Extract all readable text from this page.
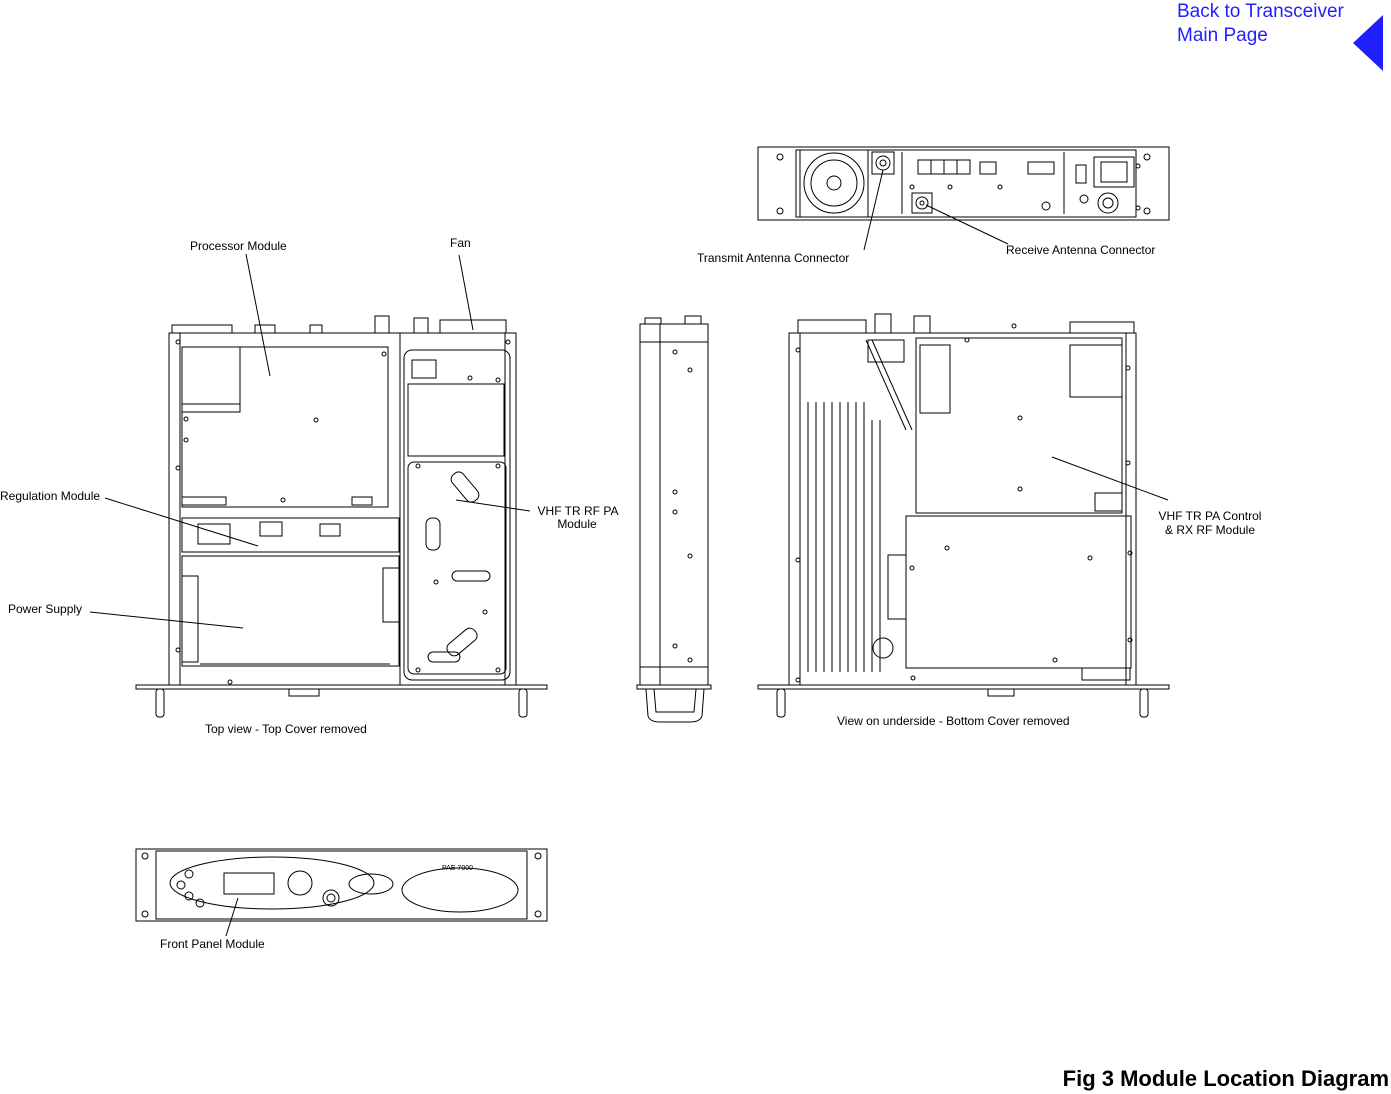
Back to Transceiver
Main Page
PAE 7000
Processor Module	Fan
Transmit Antenna Connector
Receive Antenna Connector
Regulation Module
VHF TR RF PA
Module
VHF TR PA Control
& RX RF Module
Power Supply
Top view - Top Cover removed
View on underside - Bottom Cover removed
Front Panel Module
Fig 3 Module Location Diagram
